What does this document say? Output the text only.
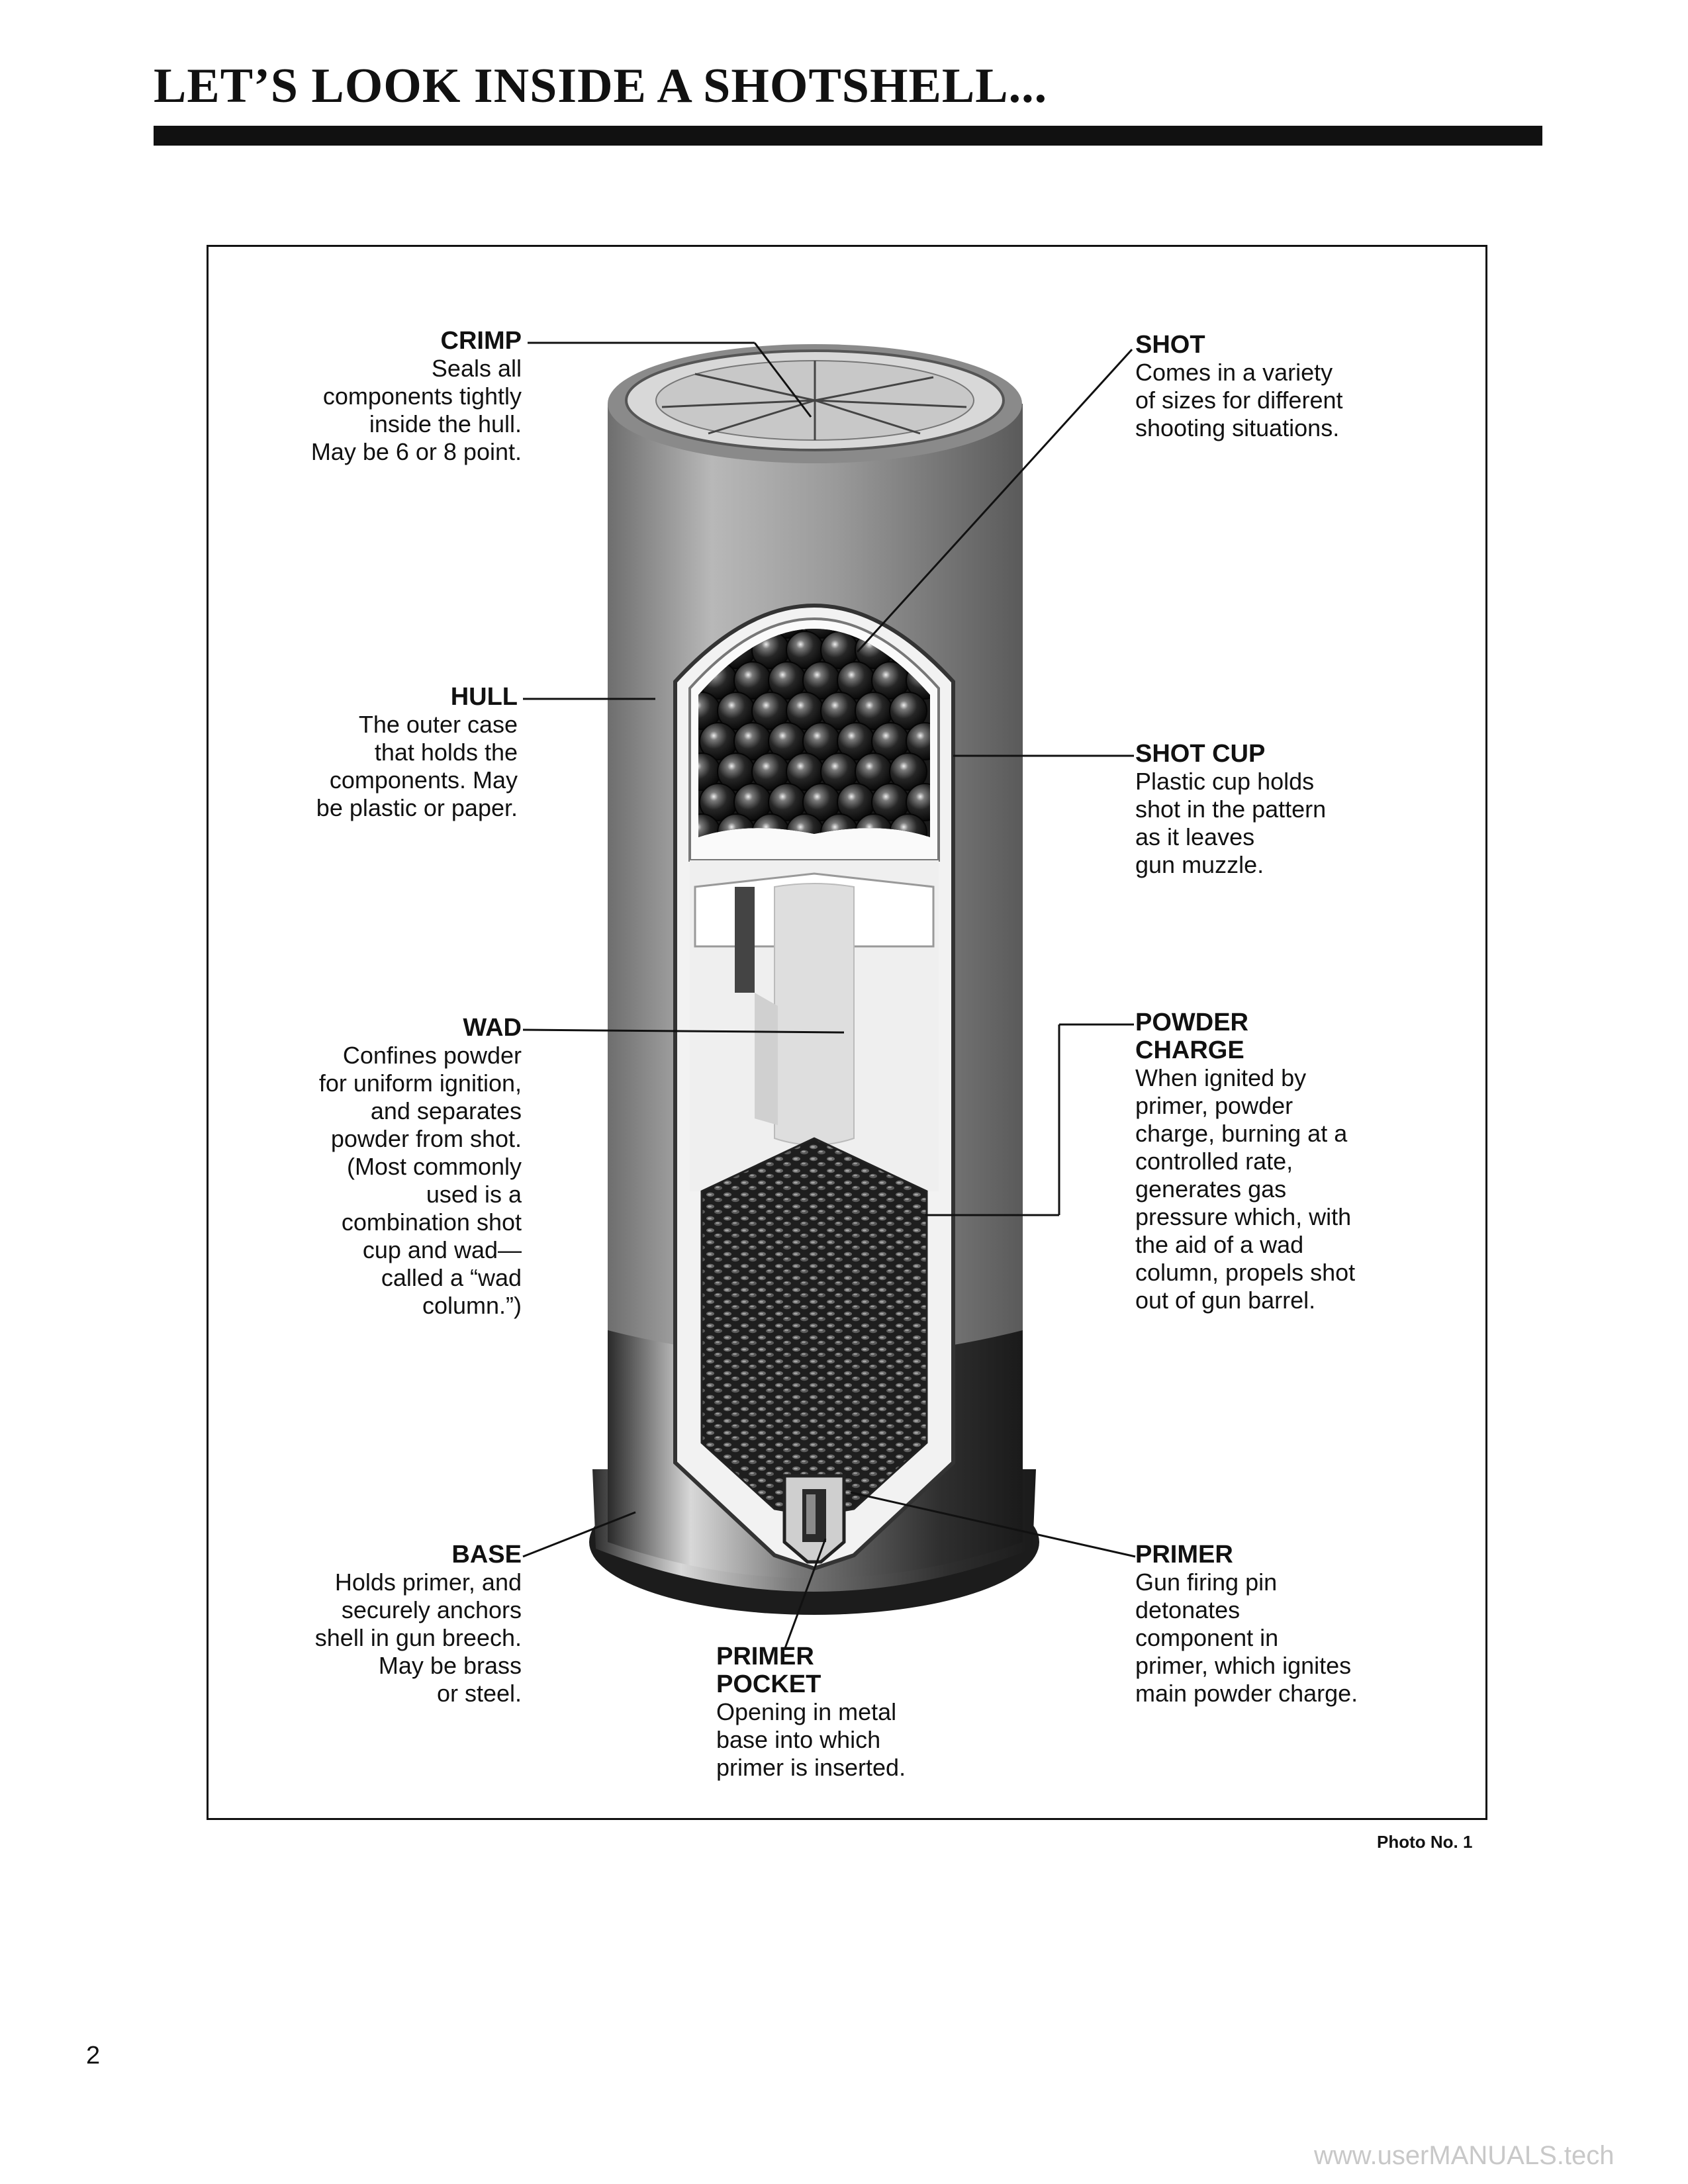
LET’S LOOK INSIDE A SHOTSHELL...
CRIMP
Seals all
components tightly
inside the hull.
May be 6 or 8 point.
HULL
The outer case
that holds the
components. May
be plastic or paper.
WAD
Confines powder
for uniform ignition,
and separates
powder from shot.
(Most commonly
used is a
combination shot
cup and wad—
called a “wad
column.”)
BASE
Holds primer, and
securely anchors
shell in gun breech.
May be brass
or steel.
SHOT
Comes in a variety
of sizes for different
shooting situations.
SHOT CUP
Plastic cup holds
shot in the pattern
as it leaves
gun muzzle.
POWDER
CHARGE
When ignited by
primer, powder
charge, burning at a
controlled rate,
generates gas
pressure which, with
the aid of a wad
column, propels shot
out of gun barrel.
PRIMER
Gun firing pin
detonates
component in
primer, which ignites
main powder charge.
PRIMER
POCKET
Opening in metal
base into which
primer is inserted.
Photo No. 1
2
www.userMANUALS.tech
